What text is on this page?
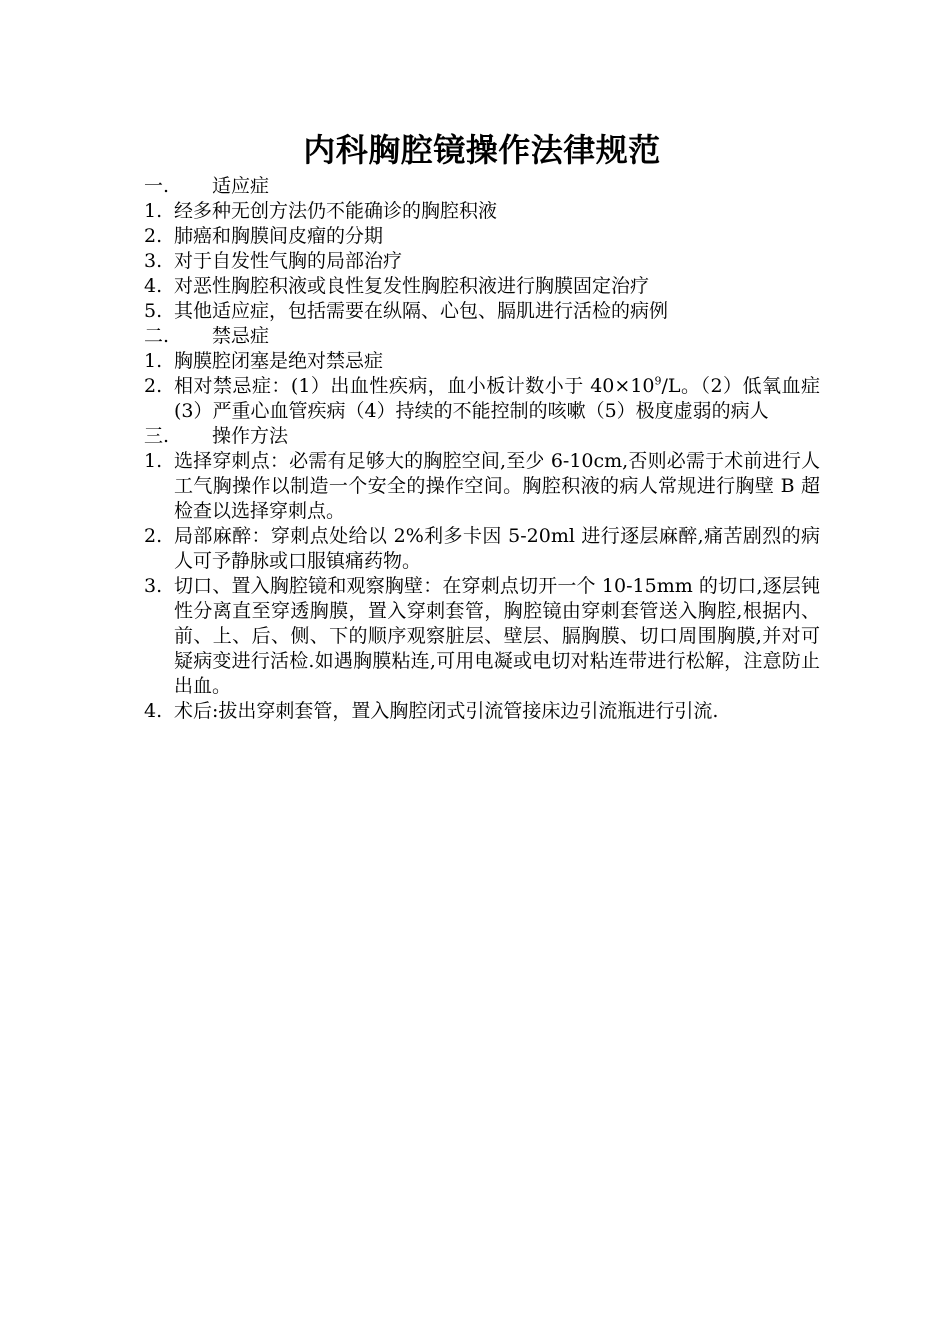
内科胸腔镜操作法律规范
一.	适应症
1. 经多种无创方法仍不能确诊的胸腔积液
2. 肺癌和胸膜间皮瘤的分期
3. 对于自发性气胸的局部治疗
4. 对恶性胸腔积液或良性复发性胸腔积液进行胸膜固定治疗
5. 其他适应症，包括需要在纵隔、心包、膈肌进行活检的病例
二.	禁忌症
1. 胸膜腔闭塞是绝对禁忌症
2. 相对禁忌症：(1）出血性疾病，血小板计数小于 $40\times 10^9/L$。（2）低氧血症(3）严重心血管疾病（4）持续的不能控制的咳嗽（5）极度虚弱的病人
三.	操作方法
1. 选择穿刺点：必需有足够大的胸腔空间,至少 6-10cm,否则必需于术前进行人工气胸操作以制造一个安全的操作空间。胸腔积液的病人常规进行胸壁 B 超检查以选择穿刺点。
2. 局部麻醉：穿刺点处给以 2%利多卡因 5-20ml 进行逐层麻醉,痛苦剧烈的病人可予静脉或口服镇痛药物。
3. 切口、置入胸腔镜和观察胸壁：在穿刺点切开一个 10-15mm 的切口,逐层钝性分离直至穿透胸膜，置入穿刺套管，胸腔镜由穿刺套管送入胸腔,根据内、前、上、后、侧、下的顺序观察脏层、壁层、膈胸膜、切口周围胸膜,并对可疑病变进行活检.如遇胸膜粘连,可用电凝或电切对粘连带进行松解，注意防止出血。
4. 术后:拔出穿刺套管，置入胸腔闭式引流管接床边引流瓶进行引流.
